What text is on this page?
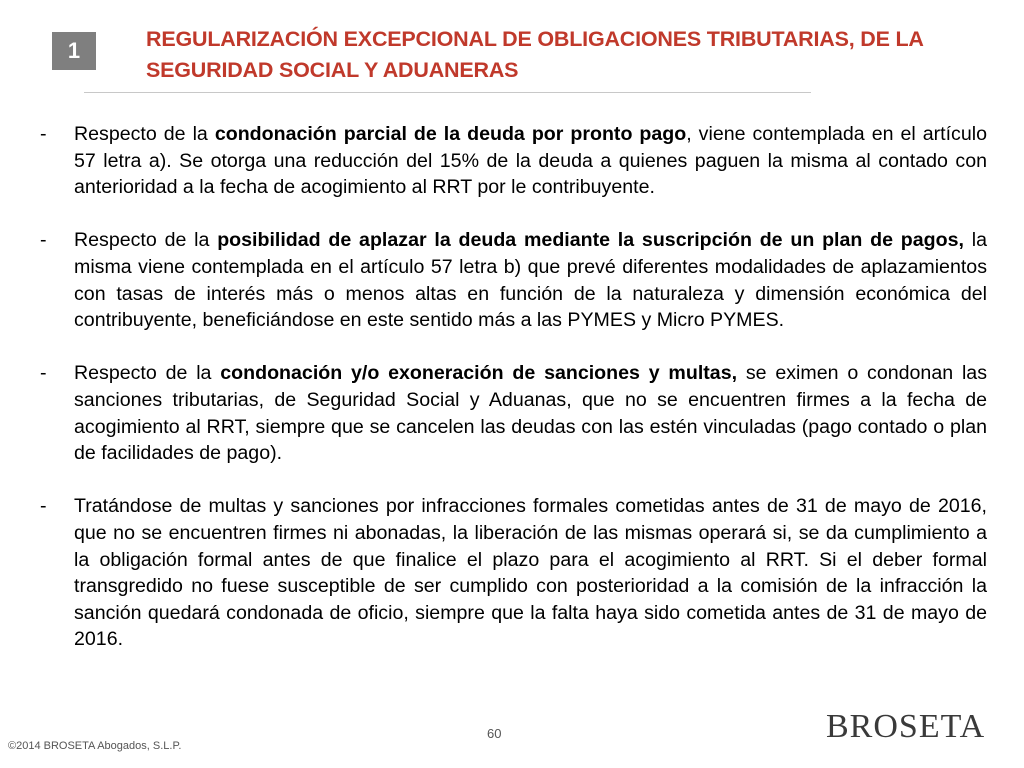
1	REGULARIZACIÓN EXCEPCIONAL DE OBLIGACIONES TRIBUTARIAS, DE LA
SEGURIDAD SOCIAL Y ADUANERAS
-	Respecto de la condonación parcial de la deuda por pronto pago, viene contemplada en el artículo 57 letra a). Se otorga una reducción del 15% de la deuda a quienes paguen la misma al contado con anterioridad a la fecha de acogimiento al RRT por le contribuyente.
-	Respecto de la posibilidad de aplazar la deuda mediante la suscripción de un plan de pagos, la misma viene contemplada en el artículo 57 letra b) que prevé diferentes modalidades de aplazamientos con tasas de interés más o menos altas en función de la naturaleza y dimensión económica del contribuyente, beneficiándose en este sentido más a las PYMES y Micro PYMES.
-	Respecto de la condonación y/o exoneración de sanciones y multas, se eximen o condonan las sanciones tributarias, de Seguridad Social y Aduanas, que no se encuentren firmes a la fecha de acogimiento al RRT, siempre que se cancelen las deudas con las estén vinculadas (pago contado o plan de facilidades de pago).
-	Tratándose de multas y sanciones por infracciones formales cometidas antes de 31 de mayo de 2016, que no se encuentren firmes ni abonadas, la liberación de las mismas operará si, se da cumplimiento a la obligación formal antes de que finalice el plazo para el acogimiento al RRT. Si el deber formal transgredido no fuese susceptible de ser cumplido con posterioridad a la comisión de la infracción la sanción quedará condonada de oficio, siempre que la falta haya sido cometida antes de 31 de mayo de 2016.
©2014 BROSETA Abogados, S.L.P.
60	BROSETA
